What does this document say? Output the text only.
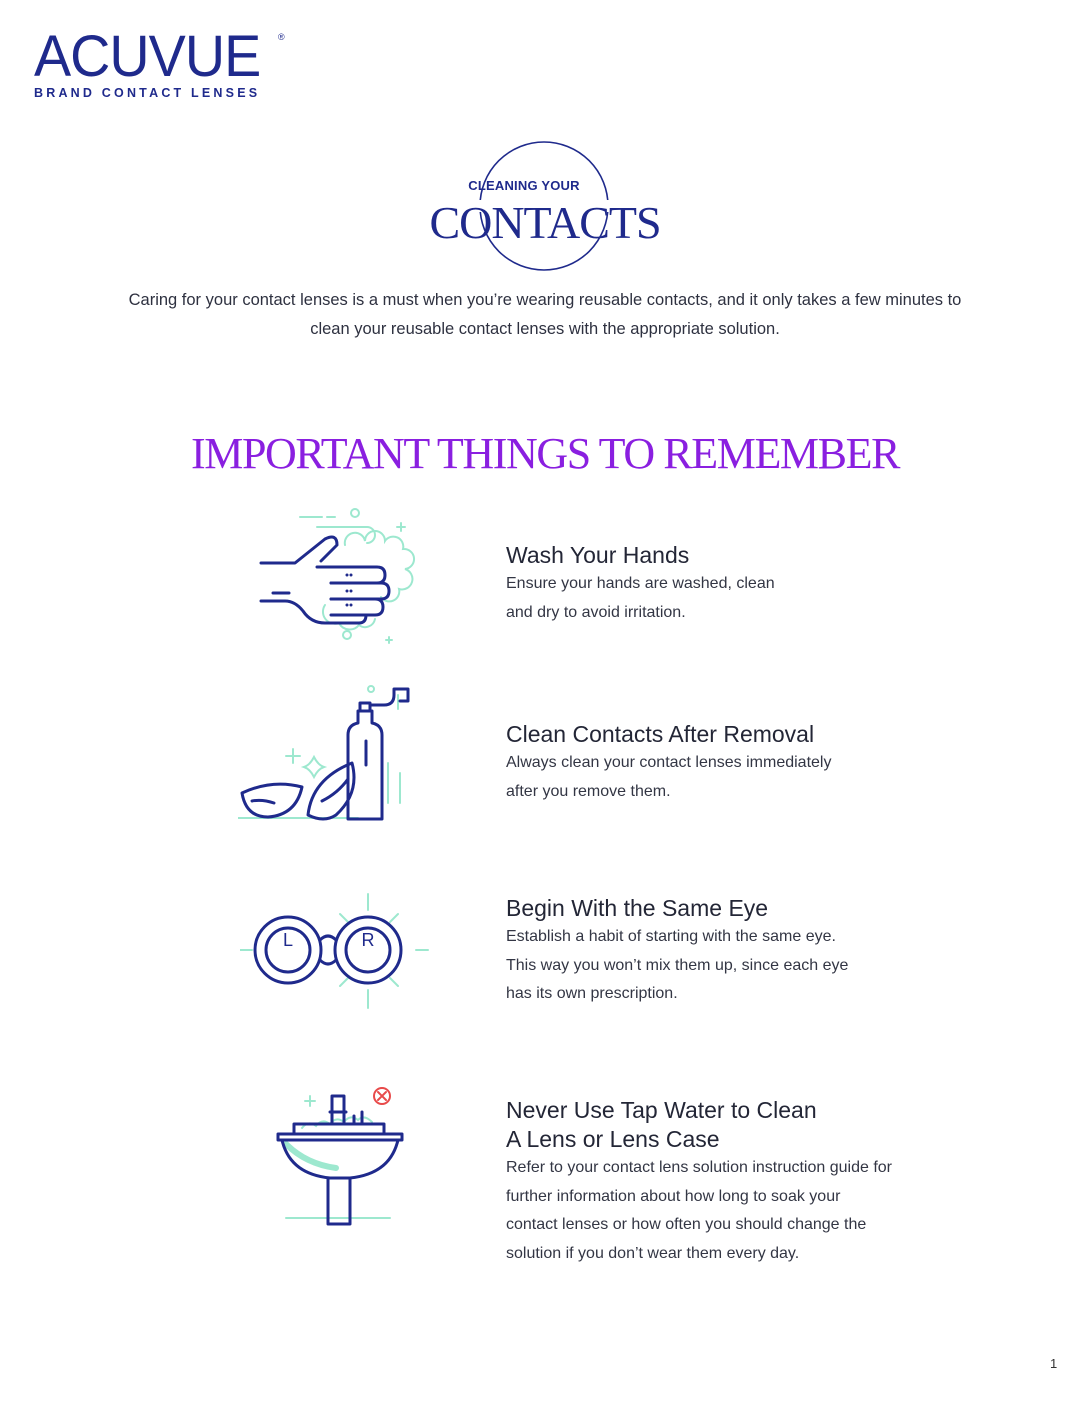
ACUVUE	®
BRAND CONTACT LENSES
CLEANING YOUR
CONTACTS
Caring for your contact lenses is a must when you’re wearing reusable contacts, and it only takes a few minutes to clean your reusable contact lenses with the appropriate solution.
IMPORTANT THINGS TO REMEMBER
Wash Your Hands

Ensure your hands are washed, clean
and dry to avoid irritation.

Clean Contacts After Removal

Always clean your contact lenses immediately
after you remove them.

L	R
Begin With the Same Eye

Establish a habit of starting with the same eye.
This way you won’t mix them up, since each eye
has its own prescription.

Never Use Tap Water to Clean
A Lens or Lens Case

Refer to your contact lens solution instruction guide for
further information about how long to soak your
contact lenses or how often you should change the
solution if you don’t wear them every day.

1
